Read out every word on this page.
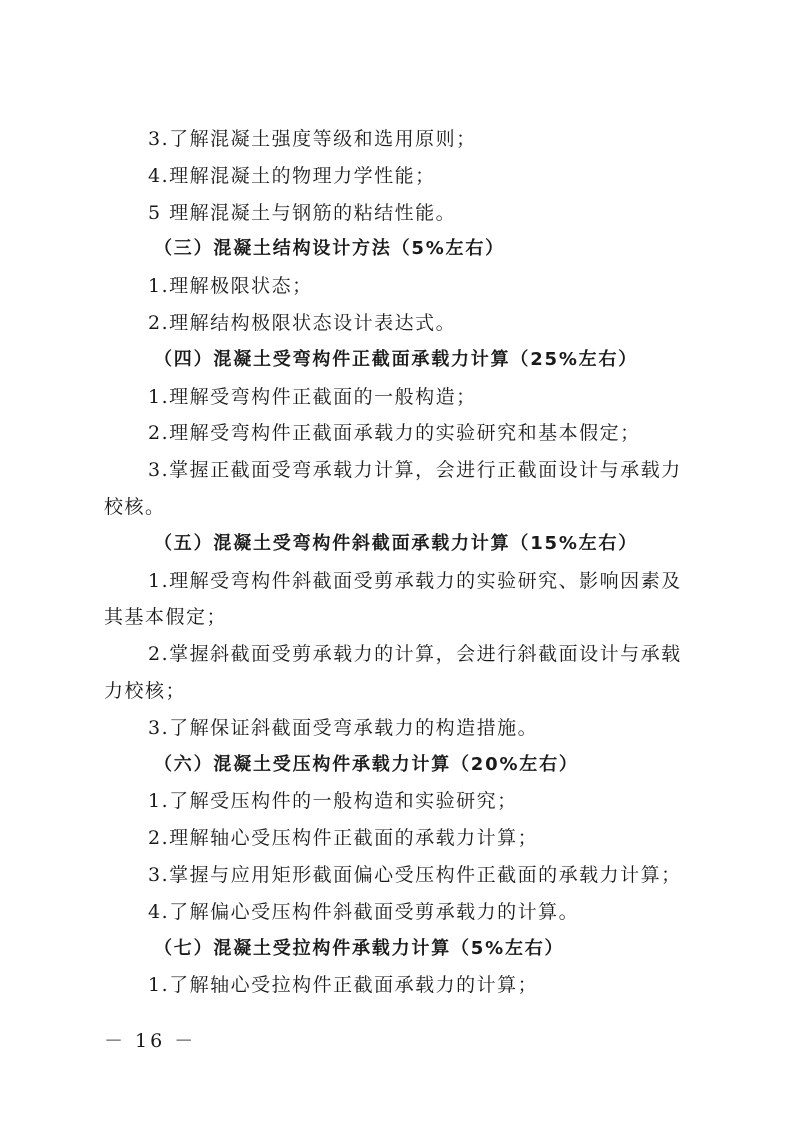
3.了解混凝土强度等级和选用原则；
4.理解混凝土的物理力学性能；
5 理解混凝土与钢筋的粘结性能。
（三）混凝土结构设计方法（5%左右）
1.理解极限状态；
2.理解结构极限状态设计表达式。
（四）混凝土受弯构件正截面承载力计算（25%左右）
1.理解受弯构件正截面的一般构造；
2.理解受弯构件正截面承载力的实验研究和基本假定；
3.掌握正截面受弯承载力计算，会进行正截面设计与承载力
校核。
（五）混凝土受弯构件斜截面承载力计算（15%左右）
1.理解受弯构件斜截面受剪承载力的实验研究、影响因素及
其基本假定；
2.掌握斜截面受剪承载力的计算，会进行斜截面设计与承载
力校核；
3.了解保证斜截面受弯承载力的构造措施。
（六）混凝土受压构件承载力计算（20%左右）
1.了解受压构件的一般构造和实验研究；
2.理解轴心受压构件正截面的承载力计算；
3.掌握与应用矩形截面偏心受压构件正截面的承载力计算；
4.了解偏心受压构件斜截面受剪承载力的计算。
（七）混凝土受拉构件承载力计算（5%左右）
1.了解轴心受拉构件正截面承载力的计算；
－ 16 －
